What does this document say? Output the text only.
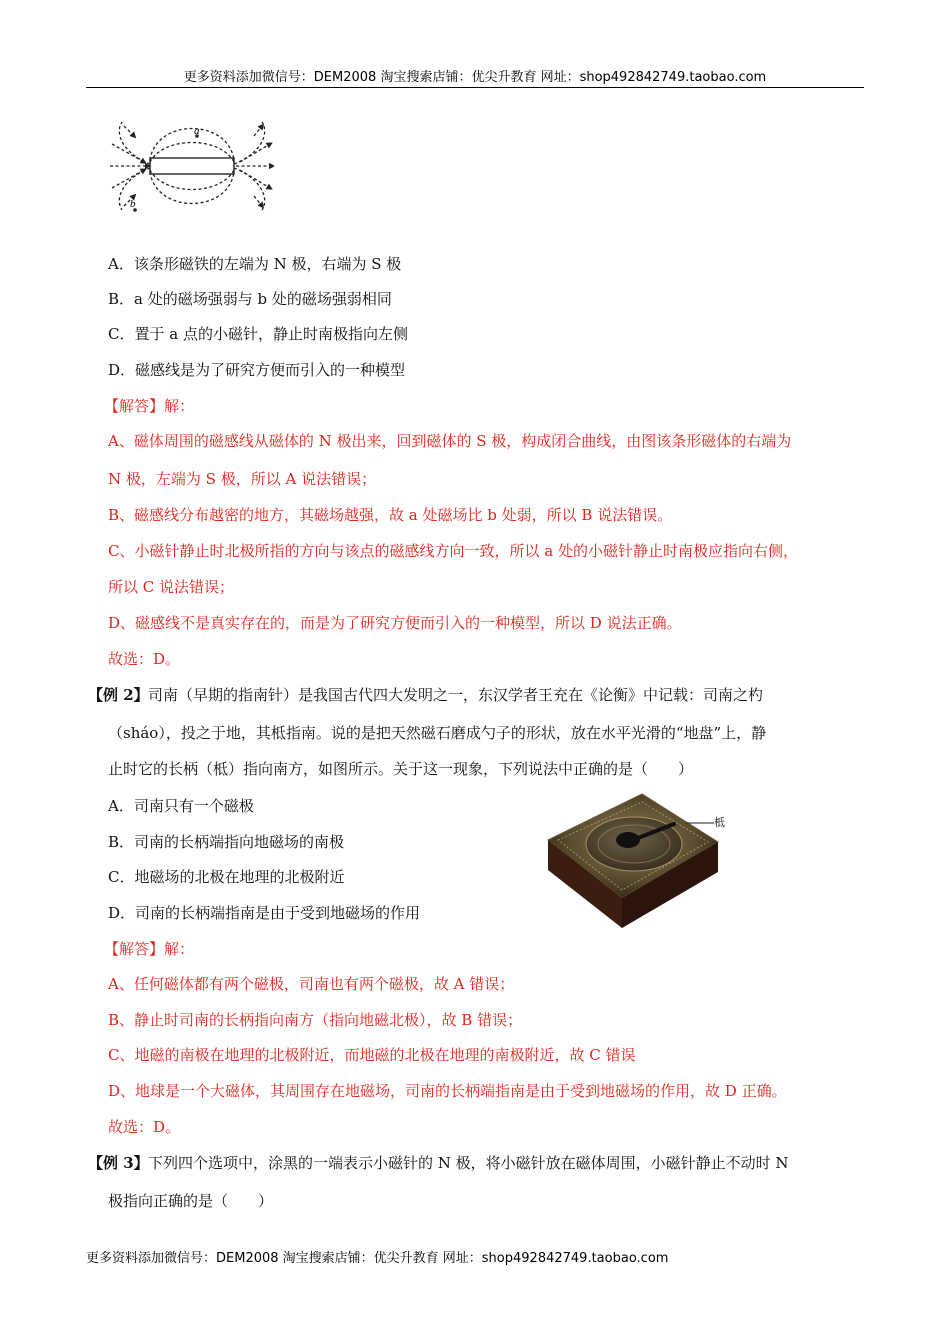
更多资料添加微信号：DEM2008 淘宝搜索店铺：优尖升教育 网址：shop492842749.taobao.com
a
b
A．该条形磁铁的左端为 N 极，右端为 S 极
B．a 处的磁场强弱与 b 处的磁场强弱相同
C．置于 a 点的小磁针，静止时南极指向左侧
D．磁感线是为了研究方便而引入的一种模型
【解答】解：
A、磁体周围的磁感线从磁体的 N 极出来，回到磁体的 S 极，构成闭合曲线，由图该条形磁体的右端为
N 极，左端为 S 极，所以 A 说法错误；
B、磁感线分布越密的地方，其磁场越强，故 a 处磁场比 b 处弱，所以 B 说法错误。
C、小磁针静止时北极所指的方向与该点的磁感线方向一致，所以 a 处的小磁针静止时南极应指向右侧，
所以 C 说法错误；
D、磁感线不是真实存在的，而是为了研究方便而引入的一种模型，所以 D 说法正确。
故选：D。
【例 2】 司南（早期的指南针）是我国古代四大发明之一，东汉学者王充在《论衡》中记载：司南之杓
（sháo），投之于地，其柢指南。说的是把天然磁石磨成勺子的形状，放在水平光滑的“地盘”上，静
止时它的长柄（柢）指向南方，如图所示。关于这一现象，下列说法中正确的是（　　）
A．司南只有一个磁极
B．司南的长柄端指向地磁场的南极
C．地磁场的北极在地理的北极附近
D．司南的长柄端指南是由于受到地磁场的作用
柢
【解答】解：
A、任何磁体都有两个磁极，司南也有两个磁极，故 A 错误；
B、静止时司南的长柄指向南方（指向地磁北极），故 B 错误；
C、地磁的南极在地理的北极附近，而地磁的北极在地理的南极附近，故 C 错误
D、地球是一个大磁体，其周围存在地磁场，司南的长柄端指南是由于受到地磁场的作用，故 D 正确。
故选：D。
【例 3】 下列四个选项中，涂黑的一端表示小磁针的 N 极，将小磁针放在磁体周围，小磁针静止不动时 N
极指向正确的是（　　）
更多资料添加微信号：DEM2008 淘宝搜索店铺：优尖升教育 网址：shop492842749.taobao.com
